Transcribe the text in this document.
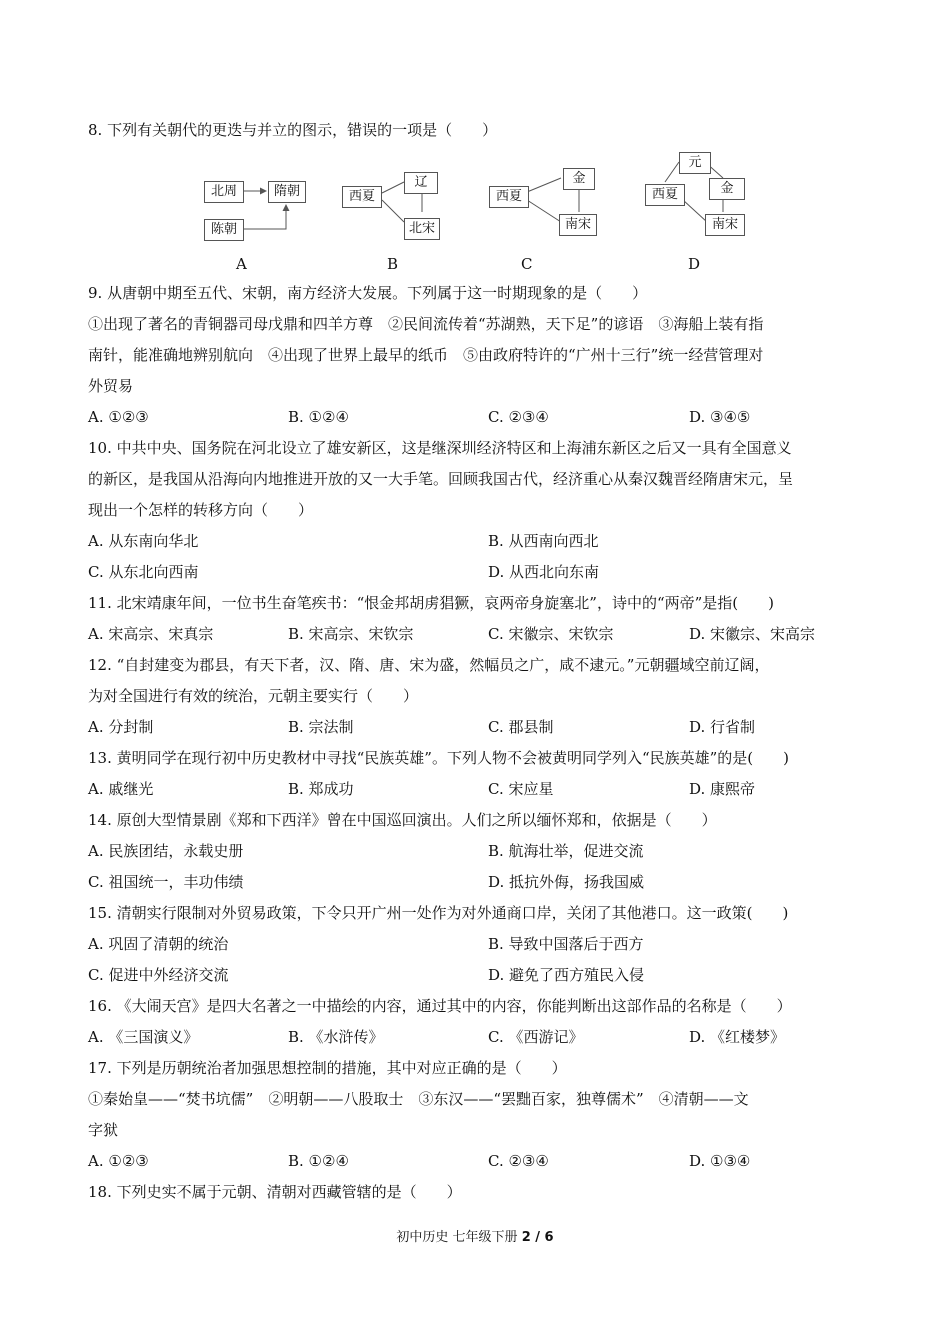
8. 下列有关朝代的更迭与并立的图示，错误的一项是（　　）
北周	隋朝
陈朝
A
辽
西夏
北宋
B
金
西夏
南宋
C
元
金
西夏
南宋
D
9. 从唐朝中期至五代、宋朝，南方经济大发展。下列属于这一时期现象的是（　　）
①出现了著名的青铜器司母戊鼎和四羊方尊　②民间流传着“苏湖熟，天下足”的谚语　③海船上装有指
南针，能准确地辨别航向　④出现了世界上最早的纸币　⑤由政府特许的“广州十三行”统一经营管理对
外贸易
A. ①②③	B. ①②④	C. ②③④	D. ③④⑤
10. 中共中央、国务院在河北设立了雄安新区，这是继深圳经济特区和上海浦东新区之后又一具有全国意义
的新区，是我国从沿海向内地推进开放的又一大手笔。回顾我国古代，经济重心从秦汉魏晋经隋唐宋元，呈
现出一个怎样的转移方向（　　）
A. 从东南向华北	B. 从西南向西北
C. 从东北向西南	D. 从西北向东南
11. 北宋靖康年间，一位书生奋笔疾书：“恨金邦胡虏猖獗，哀两帝身旋塞北”，诗中的“两帝”是指(　　)
A. 宋高宗、宋真宗	B. 宋高宗、宋钦宗	C. 宋徽宗、宋钦宗	D. 宋徽宗、宋高宗
12. “自封建变为郡县，有天下者，汉、隋、唐、宋为盛，然幅员之广，咸不逮元。”元朝疆域空前辽阔，
为对全国进行有效的统治，元朝主要实行（　　）
A. 分封制	B. 宗法制	C. 郡县制	D. 行省制
13. 黄明同学在现行初中历史教材中寻找“民族英雄”。下列人物不会被黄明同学列入“民族英雄”的是(　　)
A. 戚继光	B. 郑成功	C. 宋应星	D. 康熙帝
14. 原创大型情景剧《郑和下西洋》曾在中国巡回演出。人们之所以缅怀郑和，依据是（　　）
A. 民族团结，永载史册	B. 航海壮举，促进交流
C. 祖国统一，丰功伟绩	D. 抵抗外侮，扬我国威
15. 清朝实行限制对外贸易政策，下令只开广州一处作为对外通商口岸，关闭了其他港口。这一政策(　　)
A. 巩固了清朝的统治	B. 导致中国落后于西方
C. 促进中外经济交流	D. 避免了西方殖民入侵
16. 《大闹天宫》是四大名著之一中描绘的内容，通过其中的内容，你能判断出这部作品的名称是（　　）
A. 《三国演义》	B. 《水浒传》	C. 《西游记》	D. 《红楼梦》
17. 下列是历朝统治者加强思想控制的措施，其中对应正确的是（　　）
①秦始皇——“焚书坑儒”　②明朝——八股取士　③东汉——“罢黜百家，独尊儒术”　④清朝——文
字狱
A. ①②③	B. ①②④	C. ②③④	D. ①③④
18. 下列史实不属于元朝、清朝对西藏管辖的是（　　）
初中历史 七年级下册 2 / 6
